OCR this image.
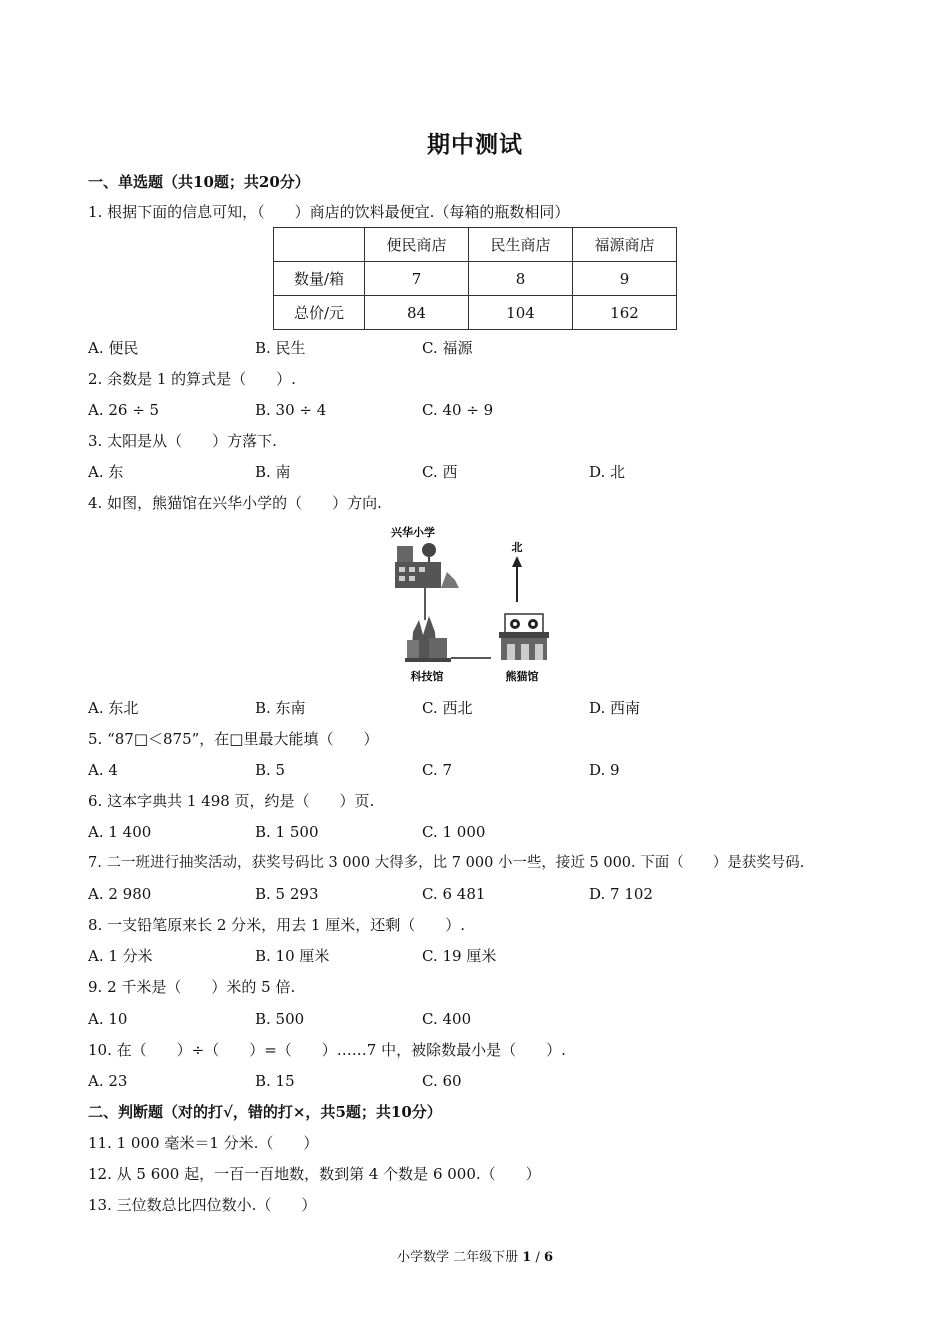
期中测试
一、单选题（共10题；共20分）
1. 根据下面的信息可知，（　　）商店的饮料最便宜.（每箱的瓶数相同）
	便民商店	民生商店	福源商店
数量/箱	7	8	9
总价/元	84	104	162
A. 便民	B. 民生	C. 福源
2. 余数是 1 的算式是（　　）.
A. 26 ÷ 5	B. 30 ÷ 4	C. 40 ÷ 9
3. 太阳是从（　　）方落下.
A. 东	B. 南	C. 西	D. 北
4. 如图，熊猫馆在兴华小学的（　　）方向.
兴华小学
北
科技馆	熊猫馆
A. 东北	B. 东南	C. 西北	D. 西南
5. “87□＜875”，在□里最大能填（　　）
A. 4	B. 5	C. 7	D. 9
6. 这本字典共 1 498 页，约是（　　）页.
A. 1 400	B. 1 500	C. 1 000
7. 二一班进行抽奖活动，获奖号码比 3 000 大得多，比 7 000 小一些，接近 5 000. 下面（　　）是获奖号码.
A. 2 980	B. 5 293	C. 6 481	D. 7 102
8. 一支铅笔原来长 2 分米，用去 1 厘米，还剩（　　）.
A. 1 分米	B. 10 厘米	C. 19 厘米
9. 2 千米是（　　）米的 5 倍.
A. 10	B. 500	C. 400
10. 在（　　）÷（　　）=（　　）……7 中，被除数最小是（　　）.
A. 23	B. 15	C. 60
二、判断题（对的打√，错的打×，共5题；共10分）
11. 1 000 毫米＝1 分米.（　　）
12. 从 5 600 起，一百一百地数，数到第 4 个数是 6 000.（　　）
13. 三位数总比四位数小.（　　）
小学数学 二年级下册 1 / 6
